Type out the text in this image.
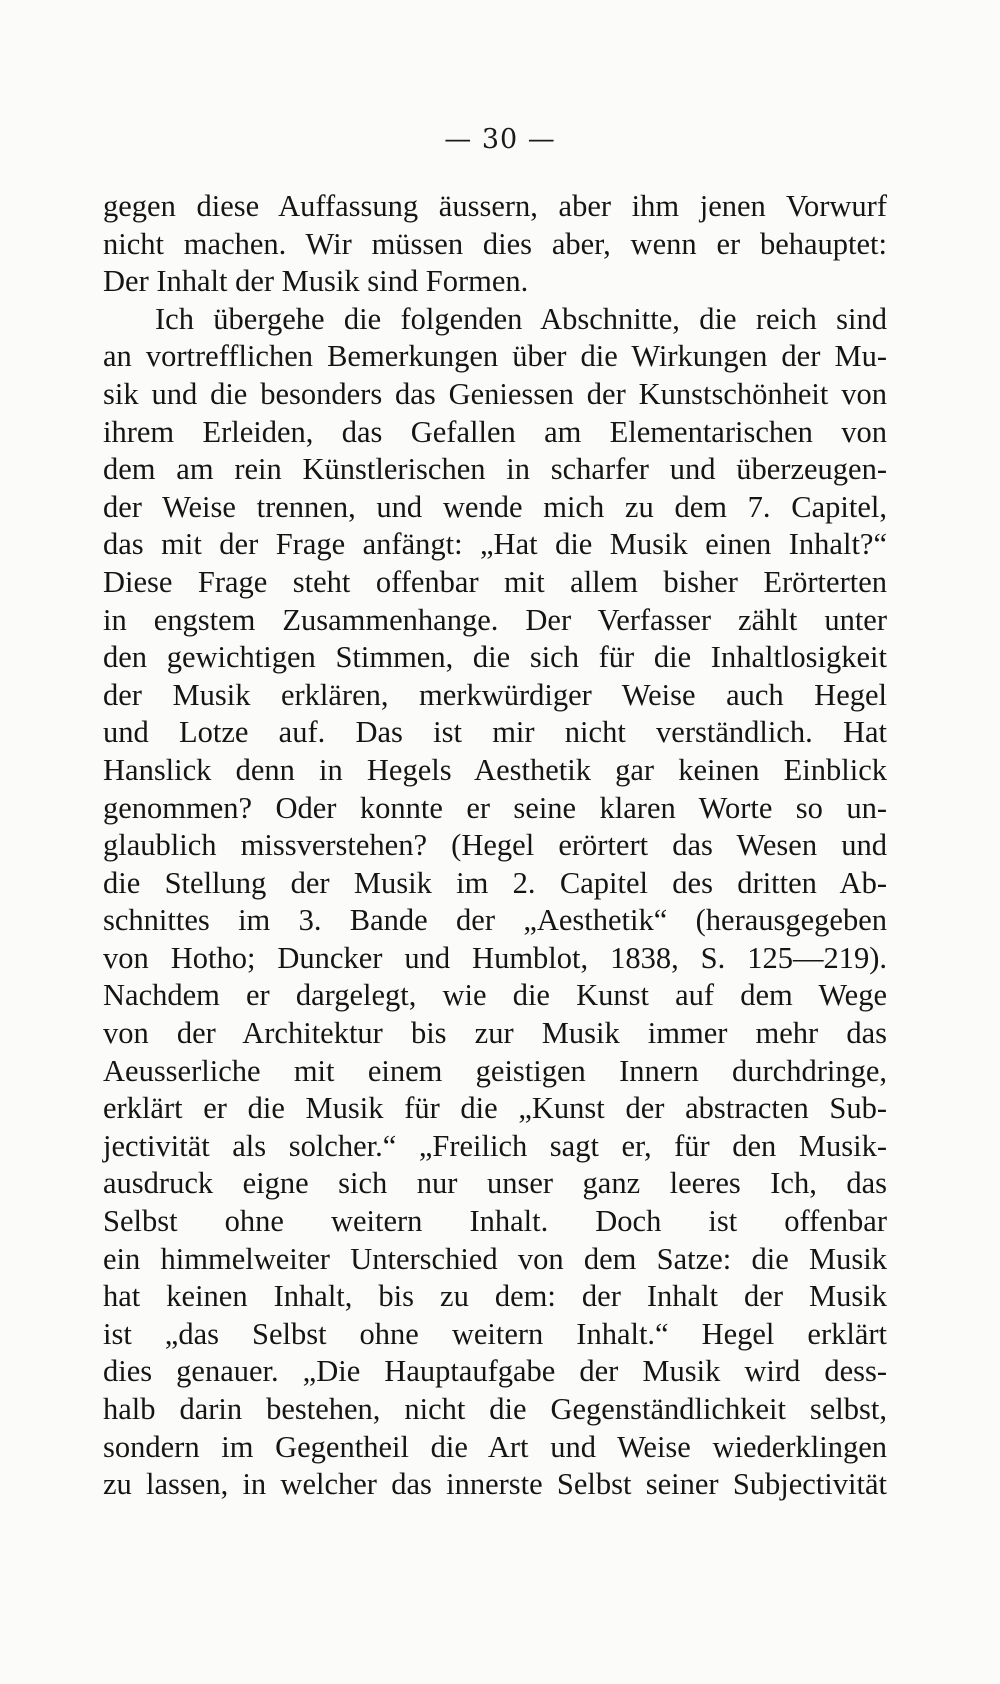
— 30 —
gegen diese Auffassung äussern, aber ihm jenen Vorwurf
nicht machen. Wir müssen dies aber, wenn er behauptet:
Der Inhalt der Musik sind Formen.
Ich übergehe die folgenden Abschnitte, die reich sind
an vortrefflichen Bemerkungen über die Wirkungen der Mu-
sik und die besonders das Geniessen der Kunstschönheit von
ihrem Erleiden, das Gefallen am Elementarischen von
dem am rein Künstlerischen in scharfer und überzeugen-
der Weise trennen, und wende mich zu dem 7. Capitel,
das mit der Frage anfängt: „Hat die Musik einen Inhalt?“
Diese Frage steht offenbar mit allem bisher Erörterten
in engstem Zusammenhange. Der Verfasser zählt unter
den gewichtigen Stimmen, die sich für die Inhaltlosigkeit
der Musik erklären, merkwürdiger Weise auch Hegel
und Lotze auf. Das ist mir nicht verständlich. Hat
Hanslick denn in Hegels Aesthetik gar keinen Einblick
genommen? Oder konnte er seine klaren Worte so un-
glaublich missverstehen? (Hegel erörtert das Wesen und
die Stellung der Musik im 2. Capitel des dritten Ab-
schnittes im 3. Bande der „Aesthetik“ (herausgegeben
von Hotho; Duncker und Humblot, 1838, S. 125—219).
Nachdem er dargelegt, wie die Kunst auf dem Wege
von der Architektur bis zur Musik immer mehr das
Aeusserliche mit einem geistigen Innern durchdringe,
erklärt er die Musik für die „Kunst der abstracten Sub-
jectivität als solcher.“ „Freilich sagt er, für den Musik-
ausdruck eigne sich nur unser ganz leeres Ich, das
Selbst ohne weitern Inhalt. Doch ist offenbar
ein himmelweiter Unterschied von dem Satze: die Musik
hat keinen Inhalt, bis zu dem: der Inhalt der Musik
ist „das Selbst ohne weitern Inhalt.“ Hegel erklärt
dies genauer. „Die Hauptaufgabe der Musik wird dess-
halb darin bestehen, nicht die Gegenständlichkeit selbst,
sondern im Gegentheil die Art und Weise wiederklingen
zu lassen, in welcher das innerste Selbst seiner Subjectivität
